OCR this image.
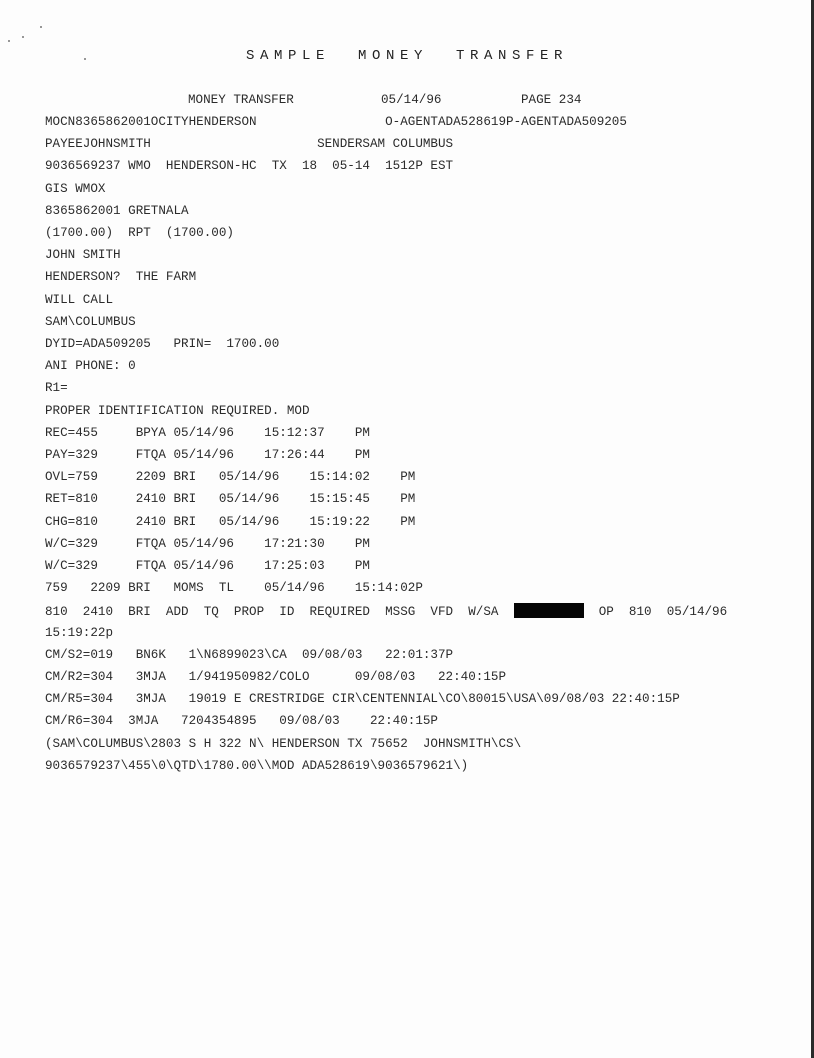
SAMPLE MONEY TRANSFER
MONEY TRANSFER	05/14/96	PAGE 234
MOCN8365862001OCITYHENDERSON                 O-AGENTADA528619P-AGENTADA509205
PAYEEJOHNSMITH                      SENDERSAM COLUMBUS
9036569237 WMO  HENDERSON-HC  TX  18  05-14  1512P EST
GIS WMOX
8365862001 GRETNALA
(1700.00)  RPT  (1700.00)
JOHN SMITH
HENDERSON?  THE FARM
WILL CALL
SAM\COLUMBUS
DYID=ADA509205   PRIN=  1700.00
ANI PHONE: 0
R1=
PROPER IDENTIFICATION REQUIRED. MOD
REC=455     BPYA 05/14/96    15:12:37    PM
PAY=329     FTQA 05/14/96    17:26:44    PM
OVL=759     2209 BRI   05/14/96    15:14:02    PM
RET=810     2410 BRI   05/14/96    15:15:45    PM
CHG=810     2410 BRI   05/14/96    15:19:22    PM
W/C=329     FTQA 05/14/96    17:21:30    PM
W/C=329     FTQA 05/14/96    17:25:03    PM
759   2209 BRI   MOMS  TL    05/14/96    15:14:02P
810  2410  BRI  ADD  TQ  PROP  ID  REQUIRED  MSSG  VFD  W/SA	OP  810  05/14/96
15:19:22p
CM/S2=019   BN6K   1\N6899023\CA  09/08/03   22:01:37P
CM/R2=304   3MJA   1/941950982/COLO      09/08/03   22:40:15P
CM/R5=304   3MJA   19019 E CRESTRIDGE CIR\CENTENNIAL\CO\80015\USA\09/08/03 22:40:15P
CM/R6=304  3MJA   7204354895   09/08/03    22:40:15P
(SAM\COLUMBUS\2803 S H 322 N\ HENDERSON TX 75652  JOHNSMITH\CS\
9036579237\455\0\QTD\1780.00\\MOD ADA528619\9036579621\)
